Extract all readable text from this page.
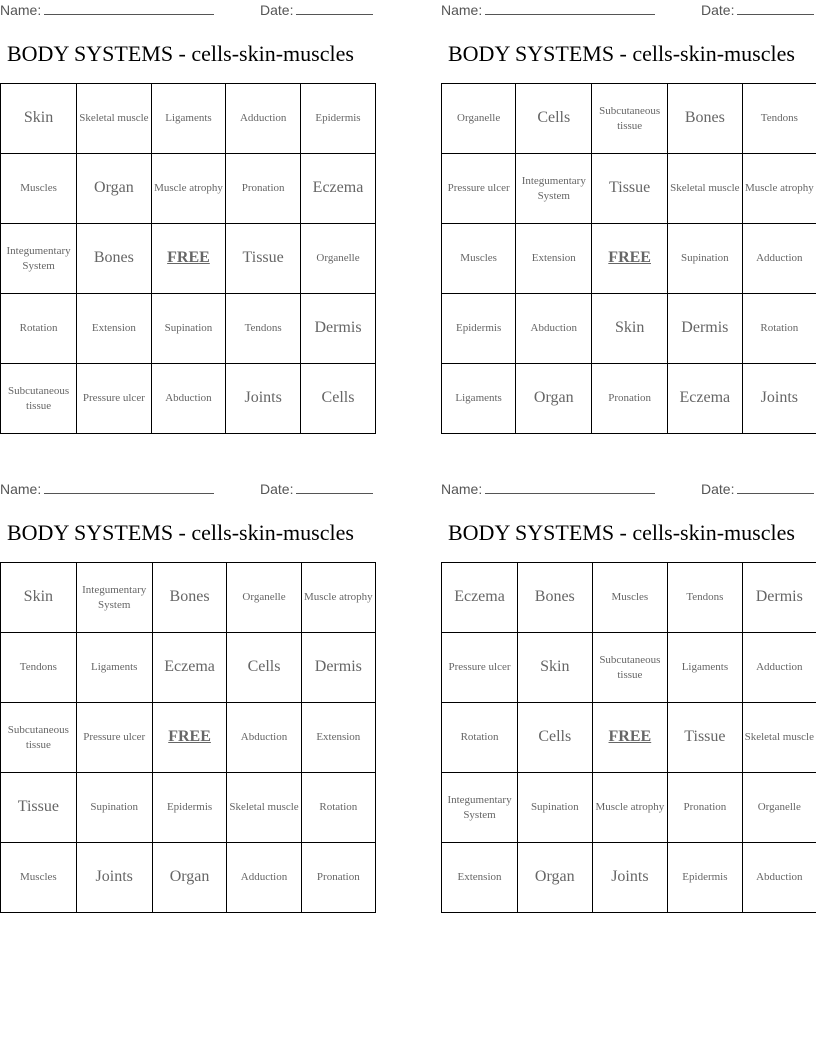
Name:	Date:
BODY SYSTEMS - cells-skin-muscles
Skin	Skeletal muscle	Ligaments	Adduction	Epidermis
Muscles	Organ	Muscle atrophy	Pronation	Eczema
Integumentary System	Bones	FREE	Tissue	Organelle
Rotation	Extension	Supination	Tendons	Dermis
Subcutaneous tissue	Pressure ulcer	Abduction	Joints	Cells
Name:	Date:
BODY SYSTEMS - cells-skin-muscles
Organelle	Cells	Subcutaneous tissue	Bones	Tendons
Pressure ulcer	Integumentary System	Tissue	Skeletal muscle	Muscle atrophy
Muscles	Extension	FREE	Supination	Adduction
Epidermis	Abduction	Skin	Dermis	Rotation
Ligaments	Organ	Pronation	Eczema	Joints
Name:	Date:
BODY SYSTEMS - cells-skin-muscles
Skin	Integumentary System	Bones	Organelle	Muscle atrophy
Tendons	Ligaments	Eczema	Cells	Dermis
Subcutaneous tissue	Pressure ulcer	FREE	Abduction	Extension
Tissue	Supination	Epidermis	Skeletal muscle	Rotation
Muscles	Joints	Organ	Adduction	Pronation
Name:	Date:
BODY SYSTEMS - cells-skin-muscles
Eczema	Bones	Muscles	Tendons	Dermis
Pressure ulcer	Skin	Subcutaneous tissue	Ligaments	Adduction
Rotation	Cells	FREE	Tissue	Skeletal muscle
Integumentary System	Supination	Muscle atrophy	Pronation	Organelle
Extension	Organ	Joints	Epidermis	Abduction
